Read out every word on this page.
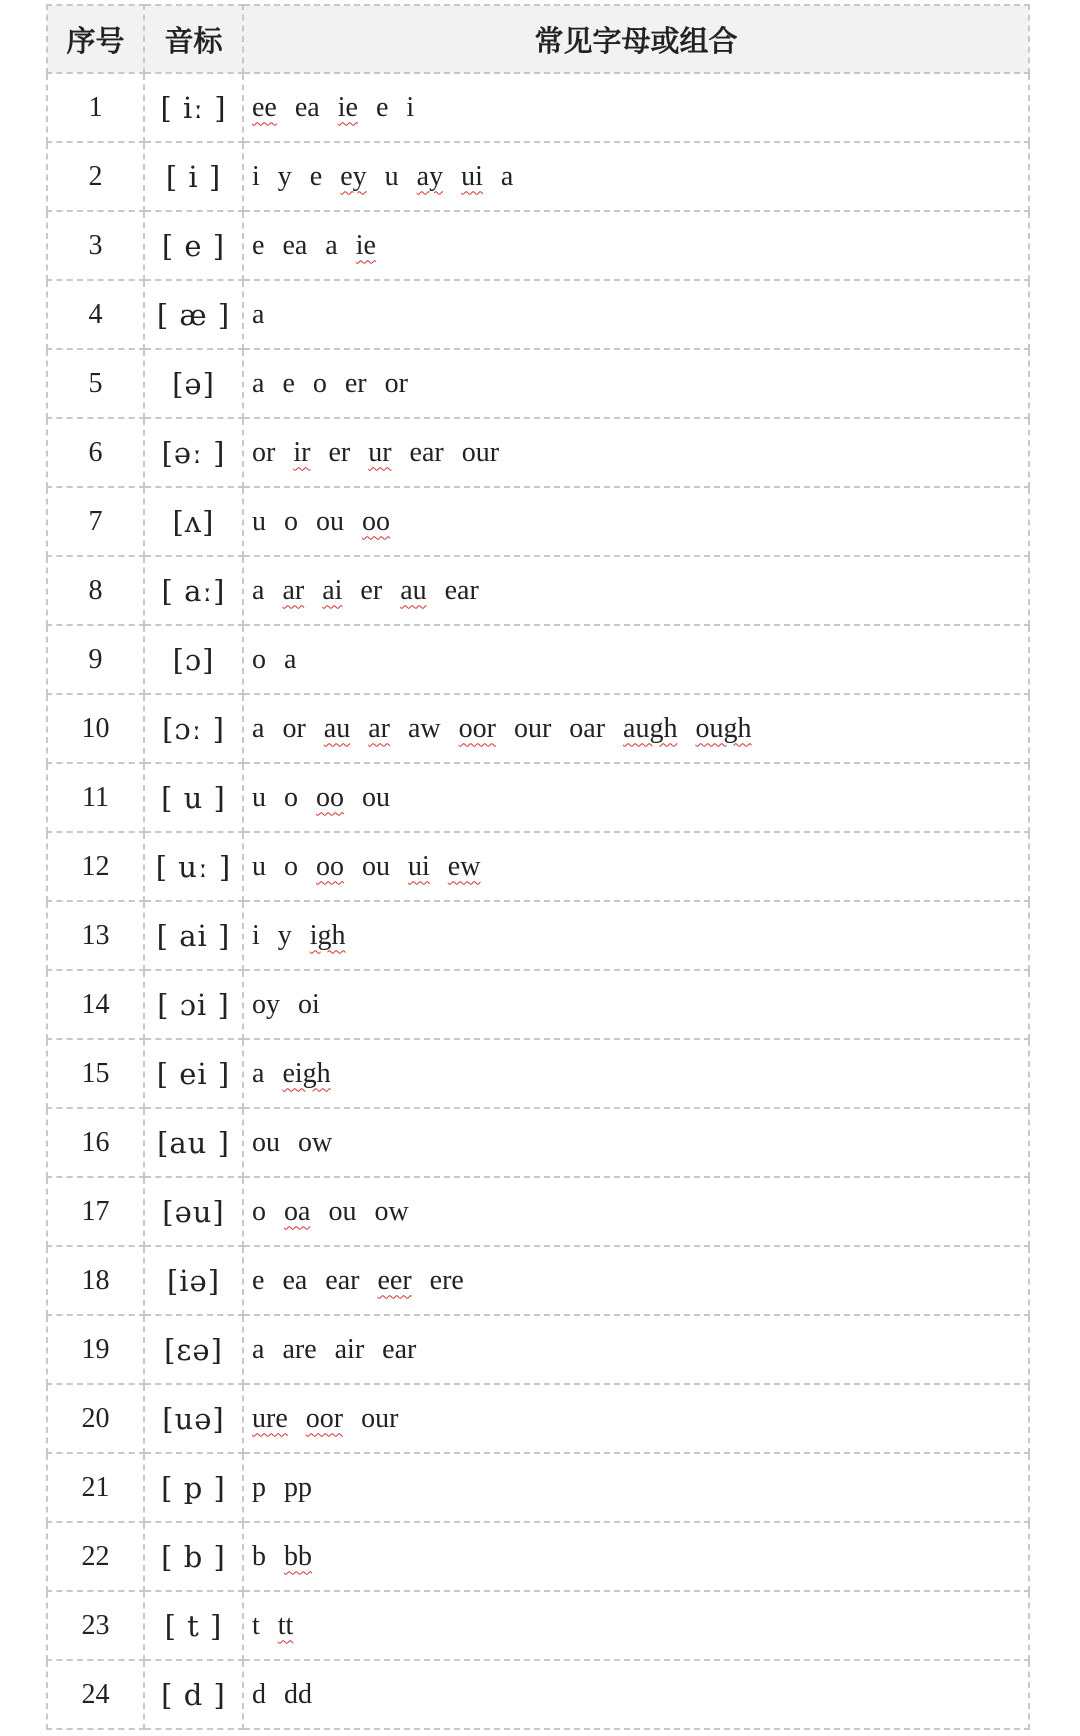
序号	音标	常见字母或组合
1	[ iː ]	ee ea ie e i
2	[ i ]	i y e ey u ay ui a
3	[ e ]	e ea a ie
4	[ æ ]	a
5	[ə]	a e o er or
6	[əː ]	or ir er ur ear our
7	[ʌ]	u o ou oo
8	[ aː]	a ar ai er au ear
9	[ɔ]	o a
10	[ɔː ]	a or au ar aw oor our oar augh ough
11	[ u ]	u o oo ou
12	[ uː ]	u o oo ou ui ew
13	[ ai ]	i y igh
14	[ ɔi ]	oy oi
15	[ ei ]	a eigh
16	[au ]	ou ow
17	[əu]	o oa ou ow
18	[iə]	e ea ear eer ere
19	[ɛə]	a are air ear
20	[uə]	ure oor our
21	[ p ]	p pp
22	[ b ]	b bb
23	[ t ]	t tt
24	[ d ]	d dd
